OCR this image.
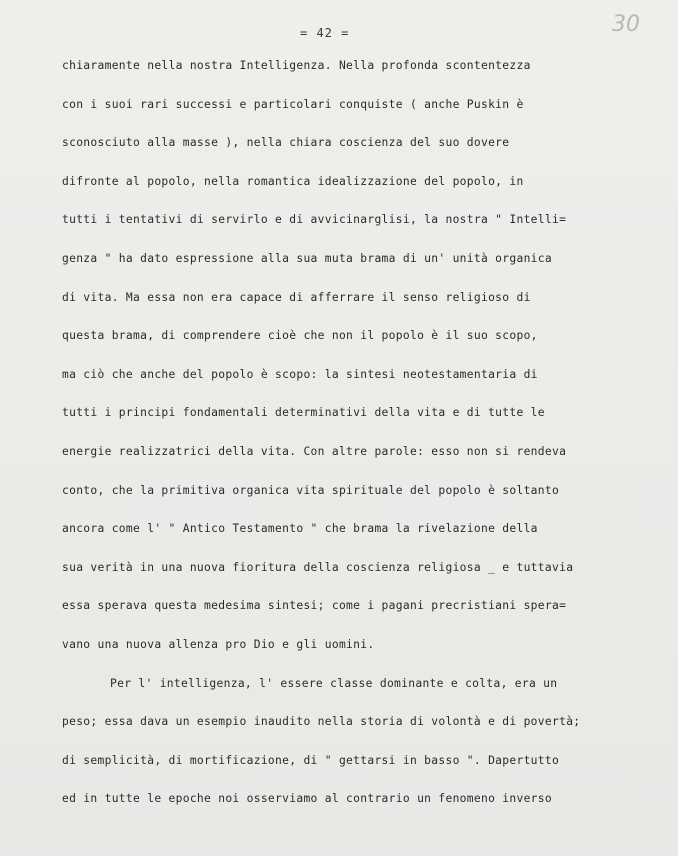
= 42 =	30
chiaramente nella nostra Intelligenza. Nella profonda scontentezza
con i suoi rari successi e particolari conquiste ( anche Puskin è
sconosciuto alla masse ), nella chiara coscienza del suo dovere
difronte al popolo, nella romantica idealizzazione del popolo, in
tutti i tentativi di servirlo e di avvicinarglisi, la nostra " Intelli=
genza " ha dato espressione alla sua muta brama di un' unità organica
di vita. Ma essa non era capace di afferrare il senso religioso di
questa brama, di comprendere cioè che non il popolo è il suo scopo,
ma ciò che anche del popolo è scopo: la sintesi neotestamentaria di
tutti i principi fondamentali determinativi della vita e di tutte le
energie realizzatrici della vita. Con altre parole: esso non si rendeva
conto, che la primitiva organica vita spirituale del popolo è soltanto
ancora come l' " Antico Testamento " che brama la rivelazione della
sua verità in una nuova fioritura della coscienza religiosa _ e tuttavia
essa sperava questa medesima sintesi; come i pagani precristiani spera=
vano una nuova allenza pro Dio e gli uomini.
Per l' intelligenza, l' essere classe dominante e colta, era un
peso; essa dava un esempio inaudito nella storia di volontà e di povertà;
di semplicità, di mortificazione, di " gettarsi in basso ". Dapertutto
ed in tutte le epoche noi osserviamo al contrario un fenomeno inverso
